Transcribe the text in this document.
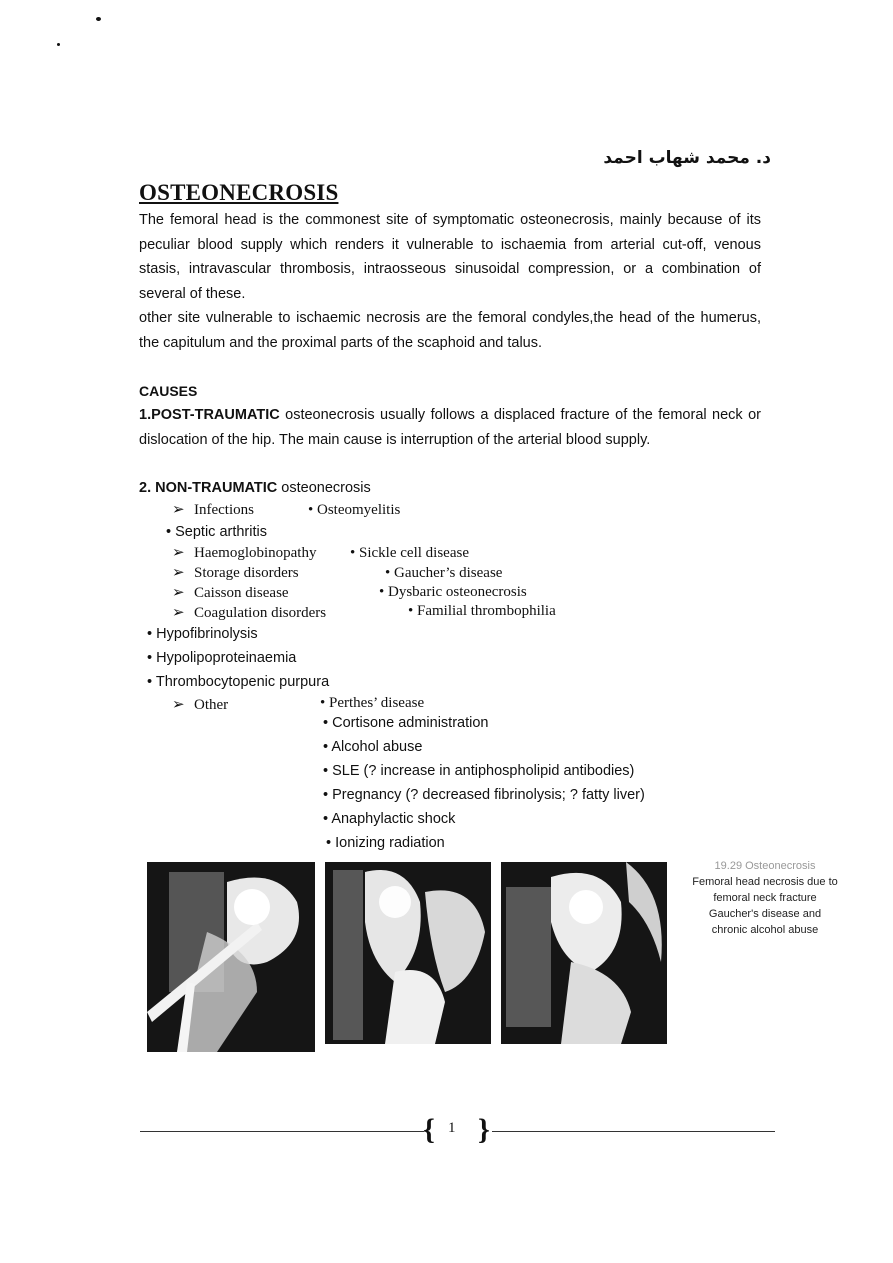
د. محمد شهاب احمد
OSTEONECROSIS

The femoral head is the commonest site of symptomatic osteonecrosis, mainly because of its peculiar blood supply which renders it vulnerable to ischaemia from arterial cut-off, venous stasis, intravascular thrombosis, intraosseous sinusoidal compression, or a combination of several of these.

other site vulnerable to ischaemic necrosis are the femoral condyles,the head of the humerus, the capitulum and the proximal parts of the scaphoid and talus.

CAUSES

1.POST-TRAUMATIC osteonecrosis usually follows a displaced fracture of the femoral neck or dislocation of the hip. The main cause is interruption of the arterial blood supply.

2. NON-TRAUMATIC osteonecrosis
➢ Infections	• Osteomyelitis
• Septic arthritis
➢ Haemoglobinopathy	• Sickle cell disease
➢ Storage disorders	• Gaucher’s disease
➢ Caisson disease	• Dysbaric osteonecrosis
➢ Coagulation disorders	• Familial thrombophilia
• Hypofibrinolysis
• Hypolipoproteinaemia
• Thrombocytopenic purpura
➢ Other	• Perthes’ disease
• Cortisone administration
• Alcohol abuse
• SLE (? increase in antiphospholipid antibodies)
• Pregnancy (? decreased fibrinolysis; ? fatty liver)
• Anaphylactic shock
• Ionizing radiation
19.29 Osteonecrosis
Femoral head necrosis due to
femoral neck fracture
Gaucher's disease and
chronic alcohol abuse
{ 1 }
